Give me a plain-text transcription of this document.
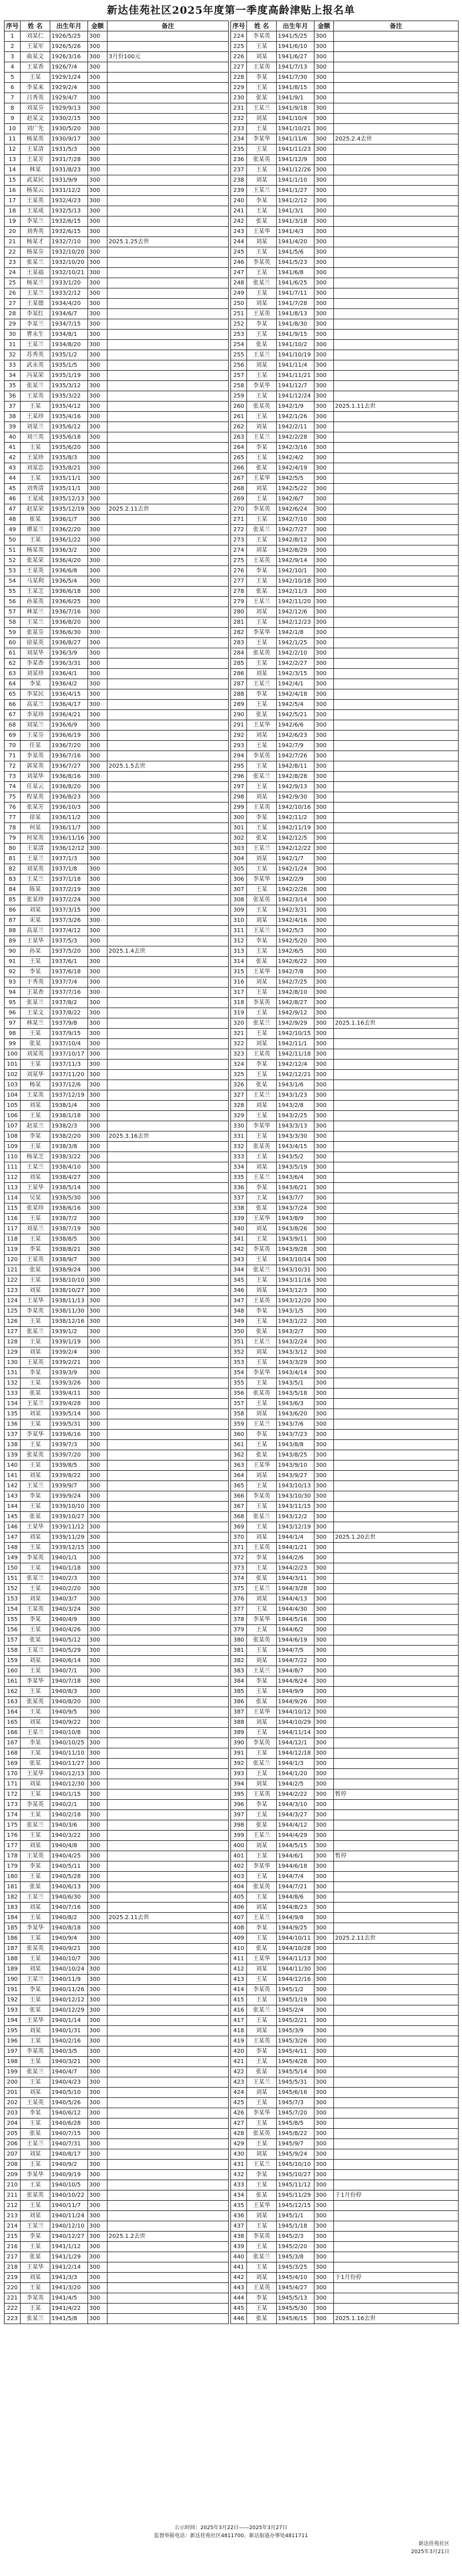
新达佳苑社区2025年度第一季度高龄津贴上报名单
序号	姓 名	出生年月	金额	备注		序号	姓 名	出生年月	金额	备注
1	刘某仁	1926/5/25	300			224	李某英	1941/5/25	300	
2	王某军	1926/5/26	300			225	王某	1941/6/10	300	
3	曲某文	1926/3/16	300	3月份100元		226	刘某	1941/6/27	300	
4	王某香	1926/7/4	300			227	王某英	1941/7/13	300	
5	王某	1929/1/24	300			228	李某	1941/7/30	300	
6	李某来	1929/2/4	300			229	王某	1941/8/15	300	
7	吕秀英	1929/4/7	300			230	张某	1941/9/1	300	
8	刘某芬	1929/9/13	300			231	王某兰	1941/9/18	300	
9	赵某文	1930/2/15	300			232	刘某	1941/10/4	300	
10	刘广先	1930/5/20	300			233	王某	1941/10/21	300	
11	杨某英	1930/9/17	300			234	李某华	1941/11/6	300	2025.2.4去世
12	王某清	1931/5/3	300			235	王某	1941/11/23	300	
13	王某芳	1931/7/28	300			236	张某英	1941/12/9	300	
14	林某	1931/8/23	300			237	王某	1941/12/26	300	
15	武某民	1931/9/9	300			238	刘某	1941/1/10	300	
16	杨某云	1931/12/2	300			239	王某兰	1941/1/27	300	
17	王某英	1932/4/23	300			240	李某	1941/2/12	300	
18	王某成	1932/5/13	300			241	王某	1941/3/1	300	
19	李某兰	1932/6/15	300			242	张某	1941/3/18	300	
20	刘秀英	1932/6/15	300			243	王某华	1941/4/3	300	
21	杨某才	1932/7/10	300	2025.1.25去世		244	刘某	1941/4/20	300	
22	杨某芬	1932/10/20	300			245	王某	1941/5/6	300	
23	张某兰	1932/10/20	300			246	李某英	1941/5/23	300	
24	王某福	1932/10/21	300			247	王某	1941/6/8	300	
25	杨某兰	1933/1/20	300			248	张某兰	1941/6/25	300	
26	王某兰	1933/2/12	300			249	王某	1941/7/11	300	
27	王某德	1934/4/20	300			250	刘某	1941/7/28	300	
28	李某红	1934/6/7	300			251	王某英	1941/8/13	300	
29	李某兰	1934/7/15	300			252	李某	1941/8/30	300	
30	曹永生	1934/8/1	300			253	王某	1941/9/15	300	
31	王某兰	1934/8/20	300			254	张某	1941/10/2	300	
32	苏秀英	1935/1/2	300			255	王某兰	1941/10/19	300	
33	武永英	1935/1/5	300			256	刘某	1941/11/4	300	
34	冯某荣	1935/1/19	300			257	王某	1941/11/21	300	
35	张某兰	1935/3/12	300			258	李某华	1941/12/7	300	
36	王某英	1935/3/22	300			259	王某	1941/12/24	300	
37	王某	1935/4/12	300			260	张某英	1942/1/9	300	2025.1.11去世
38	王某珍	1935/4/16	300			261	王某	1942/1/26	300	
39	刘某兰	1935/6/12	300			262	刘某	1942/2/11	300	
40	刘兰英	1935/6/18	300			263	王某兰	1942/2/28	300	
41	王某	1935/6/20	300			264	李某	1942/3/16	300	
42	王某珍	1935/8/3	300			265	王某	1942/4/2	300	
43	刘某忠	1935/8/21	300			266	张某	1942/4/19	300	
44	王某	1935/11/1	300			267	王某华	1942/5/5	300	
45	刘秀清	1935/11/1	300			268	刘某	1942/5/22	300	
46	王某成	1935/12/13	300			269	王某	1942/6/7	300	
47	赵某荣	1935/12/19	300	2025.2.11去世		270	李某英	1942/6/24	300	
48	崔某	1936/1/7	300			271	王某	1942/7/10	300	
49	谭某兰	1936/2/20	300			272	张某兰	1942/7/27	300	
50	王某	1936/1/22	300			273	王某	1942/8/12	300	
51	杨某英	1936/3/2	300			274	刘某	1942/8/29	300	
52	张某荣	1936/4/20	300			275	王某英	1942/9/14	300	
53	王某英	1936/6/8	300			276	李某	1942/10/1	300	
54	马某利	1936/5/4	300			277	王某	1942/10/18	300	
55	王某芝	1936/6/18	300			278	张某	1942/11/3	300	
56	孙某英	1936/6/25	300			279	王某兰	1942/11/20	300	
57	林某兰	1936/7/16	300			280	刘某	1942/12/6	300	
58	王某兰	1936/8/20	300			281	王某	1942/12/23	300	
59	张某芬	1936/6/30	300			282	李某华	1942/1/8	300	
60	徐某英	1936/8/27	300			283	王某	1942/1/25	300	
61	刘某华	1936/3/9	300			284	张某英	1942/2/10	300	
62	李某香	1936/3/31	300			285	王某	1942/2/27	300	
63	刘某珍	1936/4/1	300			286	刘某	1942/3/15	300	
64	李某	1936/4/2	300			287	王某兰	1942/4/1	300	
65	李某民	1936/4/15	300			288	李某	1942/4/18	300	
66	高某兰	1936/4/17	300			289	王某	1942/5/4	300	
67	李某珍	1936/4/21	300			290	张某	1942/5/21	300	
68	刘某兰	1936/6/9	300			291	王某华	1942/6/6	300	
69	王某芬	1936/6/19	300			292	刘某	1942/6/23	300	
70	任某	1936/7/20	300			293	王某	1942/7/9	300	
71	李某英	1936/7/16	300			294	李某英	1942/7/26	300	
72	郭某英	1936/7/27	300	2025.1.5去世		295	王某	1942/8/11	300	
73	刘某华	1936/8/16	300			296	张某兰	1942/8/28	300	
74	任某云	1936/8/20	300			297	王某	1942/9/13	300	
75	程某英	1936/8/23	300			298	刘某	1942/9/30	300	
76	张某芳	1936/10/3	300			299	王某英	1942/10/16	300	
77	徐某	1936/11/2	300			300	李某	1942/11/2	300	
78	何某	1936/11/7	300			301	王某	1942/11/19	300	
79	何某英	1936/11/16	300			302	张某	1942/12/5	300	
80	王某清	1936/12/12	300			303	王某兰	1942/12/22	300	
81	王某兰	1937/1/3	300			304	刘某	1942/1/7	300	
82	刘某英	1937/1/8	300			305	王某	1942/1/24	300	
83	王某兰	1937/1/18	300			306	李某华	1942/2/9	300	
84	陈某	1937/2/19	300			307	王某	1942/2/26	300	
85	张某珍	1937/2/24	300			308	张某英	1942/3/14	300	
86	刘某	1937/3/15	300			309	王某	1942/3/31	300	
87	宋某	1937/3/26	300			310	刘某	1942/4/16	300	
88	高某兰	1937/4/12	300			311	王某兰	1942/5/3	300	
89	王某华	1937/5/3	300			312	李某	1942/5/20	300	
90	孙某	1937/5/20	300	2025.1.4去世		313	王某	1942/6/5	300	
91	王某	1937/6/1	300			314	张某	1942/6/22	300	
92	李某	1937/6/18	300			315	王某华	1942/7/8	300	
93	于秀英	1937/7/4	300			316	刘某	1942/7/25	300	
94	王某香	1937/7/16	300			317	王某	1942/8/10	300	
95	张某兰	1937/8/2	300			318	李某英	1942/8/27	300	
96	王某文	1937/8/22	300			319	王某	1942/9/12	300	
97	林某兰	1937/9/8	300			320	张某兰	1942/9/29	300	2025.1.16去世
98	王某	1937/9/15	300			321	王某	1942/10/15	300	
99	张某	1937/10/4	300			322	刘某	1942/11/1	300	
100	刘某英	1937/10/17	300			323	王某英	1942/11/18	300	
101	王某	1937/11/3	300			324	李某	1942/12/4	300	
102	刘某华	1937/11/20	300			325	王某	1942/12/21	300	
103	杨某	1937/12/6	300			326	张某	1943/1/6	300	
104	王某英	1937/12/19	300			327	王某兰	1943/1/23	300	
105	刘某	1938/1/4	300			328	刘某	1943/2/8	300	
106	王某	1938/1/18	300			329	王某	1943/2/25	300	
107	赵某兰	1938/2/3	300			330	李某华	1943/3/13	300	
108	李某	1938/2/20	300	2025.3.16去世		331	王某	1943/3/30	300	
109	王某	1938/3/8	300			332	张某英	1943/4/15	300	
110	杨某芝	1938/3/22	300			333	王某	1943/5/2	300	
111	王某兰	1938/4/10	300			334	刘某	1943/5/19	300	
112	刘某	1938/4/27	300			335	王某兰	1943/6/4	300	
113	王某华	1938/5/14	300			336	李某	1943/6/21	300	
114	吴某	1938/5/30	300			337	王某	1943/7/7	300	
115	张某珍	1938/6/16	300			338	张某	1943/7/24	300	
116	王某	1938/7/2	300			339	王某华	1943/8/9	300	
117	刘某兰	1938/7/19	300			340	刘某	1943/8/26	300	
118	王某	1938/8/5	300			341	王某	1943/9/11	300	
119	李某	1938/8/21	300			342	李某英	1943/9/28	300	
120	王某英	1938/9/7	300			343	王某	1943/10/14	300	
121	张某	1938/9/24	300			344	张某兰	1943/10/31	300	
122	王某	1938/10/10	300			345	王某	1943/11/16	300	
123	刘某	1938/10/27	300			346	刘某	1943/12/3	300	
124	王某华	1938/11/13	300			347	王某英	1943/12/20	300	
125	李某英	1938/11/30	300			348	李某	1943/1/5	300	
126	王某	1938/12/16	300			349	王某	1943/1/22	300	
127	张某兰	1939/1/2	300			350	张某	1943/2/7	300	
128	王某	1939/1/19	300			351	王某兰	1943/2/24	300	
129	刘某	1939/2/4	300			352	刘某	1943/3/12	300	
130	王某英	1939/2/21	300			353	王某	1943/3/29	300	
131	李某	1939/3/9	300			354	李某华	1943/4/14	300	
132	王某	1939/3/26	300			355	王某	1943/5/1	300	
133	张某	1939/4/11	300			356	张某英	1943/5/18	300	
134	王某兰	1939/4/28	300			357	王某	1943/6/3	300	
135	刘某	1939/5/14	300			358	刘某	1943/6/20	300	
136	王某	1939/5/31	300			359	王某兰	1943/7/6	300	
137	李某华	1939/6/16	300			360	李某	1943/7/23	300	
138	王某	1939/7/3	300			361	王某	1943/8/8	300	
139	张某英	1939/7/20	300			362	张某	1943/8/25	300	
140	王某	1939/8/5	300			363	王某华	1943/9/10	300	
141	刘某	1939/8/22	300			364	刘某	1943/9/27	300	
142	王某兰	1939/9/7	300			365	王某	1943/10/13	300	
143	李某	1939/9/24	300			366	李某英	1943/10/30	300	
144	王某	1939/10/10	300			367	王某	1943/11/15	300	
145	张某	1939/10/27	300			368	张某兰	1943/12/2	300	
146	王某华	1939/11/12	300			369	王某	1943/12/19	300	
147	刘某	1939/11/29	300			370	刘某	1944/1/4	300	2025.1.20去世
148	王某	1939/12/15	300			371	王某英	1944/1/21	300	
149	李某英	1940/1/1	300			372	李某	1944/2/6	300	
150	王某	1940/1/18	300			373	王某	1944/2/23	300	
151	张某兰	1940/2/3	300			374	张某	1944/3/11	300	
152	王某	1940/2/20	300			375	王某兰	1944/3/28	300	
153	刘某	1940/3/7	300			376	刘某	1944/4/13	300	
154	王某英	1940/3/24	300			377	王某	1944/4/30	300	
155	李某	1940/4/9	300			378	李某华	1944/5/16	300	
156	王某	1940/4/26	300			379	王某	1944/6/2	300	
157	张某	1940/5/12	300			380	张某英	1944/6/19	300	
158	王某兰	1940/5/29	300			381	王某	1944/7/5	300	
159	刘某	1940/6/14	300			382	刘某	1944/7/22	300	
160	王某	1940/7/1	300			383	王某兰	1944/8/7	300	
161	李某华	1940/7/18	300			384	李某	1944/8/24	300	
162	王某	1940/8/3	300			385	王某	1944/9/9	300	
163	张某英	1940/8/20	300			386	张某	1944/9/26	300	
164	王某	1940/9/5	300			387	王某华	1944/10/12	300	
165	刘某	1940/9/22	300			388	刘某	1944/10/29	300	
166	王某兰	1940/10/8	300			389	王某	1944/11/14	300	
167	李某	1940/10/25	300			390	李某英	1944/12/1	300	
168	王某	1940/11/10	300			391	王某	1944/12/18	300	
169	张某	1940/11/27	300			392	张某兰	1944/1/3	300	
170	王某华	1940/12/13	300			393	王某	1944/1/20	300	
171	刘某	1940/12/30	300			394	刘某	1944/2/5	300	
172	王某	1940/1/15	300			395	王某英	1944/2/22	300	暂停
173	李某英	1940/2/1	300			396	李某	1944/3/10	300	
174	王某	1940/2/18	300			397	王某	1944/3/27	300	
175	张某兰	1940/3/6	300			398	张某	1944/4/12	300	
176	王某	1940/3/22	300			399	王某兰	1944/4/29	300	
177	刘某	1940/4/8	300			400	刘某	1944/5/15	300	
178	王某英	1940/4/25	300			401	王某	1944/6/1	300	暂停
179	李某	1940/5/11	300			402	李某华	1944/6/18	300	
180	王某	1940/5/28	300			403	王某	1944/7/4	300	
181	张某	1940/6/13	300			404	张某英	1944/7/21	300	
182	王某兰	1940/6/30	300			405	王某	1944/8/6	300	
183	刘某	1940/7/16	300			406	刘某	1944/8/23	300	
184	王某	1940/8/2	300	2025.2.11去世		407	王某兰	1944/9/8	300	
185	李某华	1940/8/18	300			408	李某	1944/9/25	300	
186	王某	1940/9/4	300			409	王某	1944/10/11	300	2025.2.11去世
187	张某英	1940/9/21	300			410	张某	1944/10/28	300	
188	王某	1940/10/7	300			411	王某华	1944/11/13	300	
189	刘某	1940/10/24	300			412	刘某	1944/11/30	300	
190	王某兰	1940/11/9	300			413	王某	1944/12/16	300	
191	李某	1940/11/26	300			414	李某英	1945/1/2	300	
192	王某	1940/12/12	300			415	王某	1945/1/19	300	
193	张某	1940/12/29	300			416	张某兰	1945/2/4	300	
194	王某华	1940/1/14	300			417	王某	1945/2/21	300	
195	刘某	1940/1/31	300			418	刘某	1945/3/9	300	
196	王某	1940/2/16	300			419	王某英	1945/3/26	300	
197	李某英	1940/3/5	300			420	李某	1945/4/11	300	
198	王某	1940/3/21	300			421	王某	1945/4/28	300	
199	张某兰	1940/4/7	300			422	张某	1945/5/14	300	
200	王某	1940/4/23	300			423	王某兰	1945/5/31	300	
201	刘某	1940/5/10	300			424	刘某	1945/6/16	300	
202	王某英	1940/5/26	300			425	王某	1945/7/3	300	
203	李某	1940/6/12	300			426	李某华	1945/7/20	300	
204	王某	1940/6/28	300			427	王某	1945/8/5	300	
205	张某	1940/7/15	300			428	张某英	1945/8/22	300	
206	王某兰	1940/7/31	300			429	王某	1945/9/7	300	
207	刘某	1940/8/17	300			430	刘某	1945/9/24	300	
208	王某	1940/9/2	300			431	王某兰	1945/10/10	300	
209	李某华	1940/9/19	300			432	李某	1945/10/27	300	
210	王某	1940/10/5	300			433	王某	1945/11/12	300	
211	张某英	1940/10/22	300			434	张某	1945/11/29	300	于1月份停
212	王某	1940/11/7	300			435	王某华	1945/12/15	300	
213	刘某	1940/11/24	300			436	刘某	1945/1/1	300	
214	王某兰	1940/12/10	300			437	王某	1945/1/18	300	
215	李某	1940/12/27	300	2025.1.2去世		438	李某英	1945/2/3	300	
216	王某	1941/1/12	300			439	王某	1945/2/20	300	
217	张某	1941/1/29	300			440	张某兰	1945/3/8	300	
218	王某华	1941/2/14	300			441	王某	1945/3/25	300	
219	刘某	1941/3/3	300			442	刘某	1945/4/10	300	于1月份停
220	王某	1941/3/20	300			443	王某英	1945/4/27	300	
221	李某英	1941/4/5	300			444	李某	1945/5/13	300	
222	王某	1941/4/22	300			445	王某	1945/5/30	300	
223	张某兰	1941/5/8	300			446	张某	1945/6/15	300	2025.1.16去世
公示时间：2025年3月22日——2025年3月27日
监督举报电话：新达佳苑社区4811700、新达街道办事处4811711
新达佳苑社区
2025年3月21日
